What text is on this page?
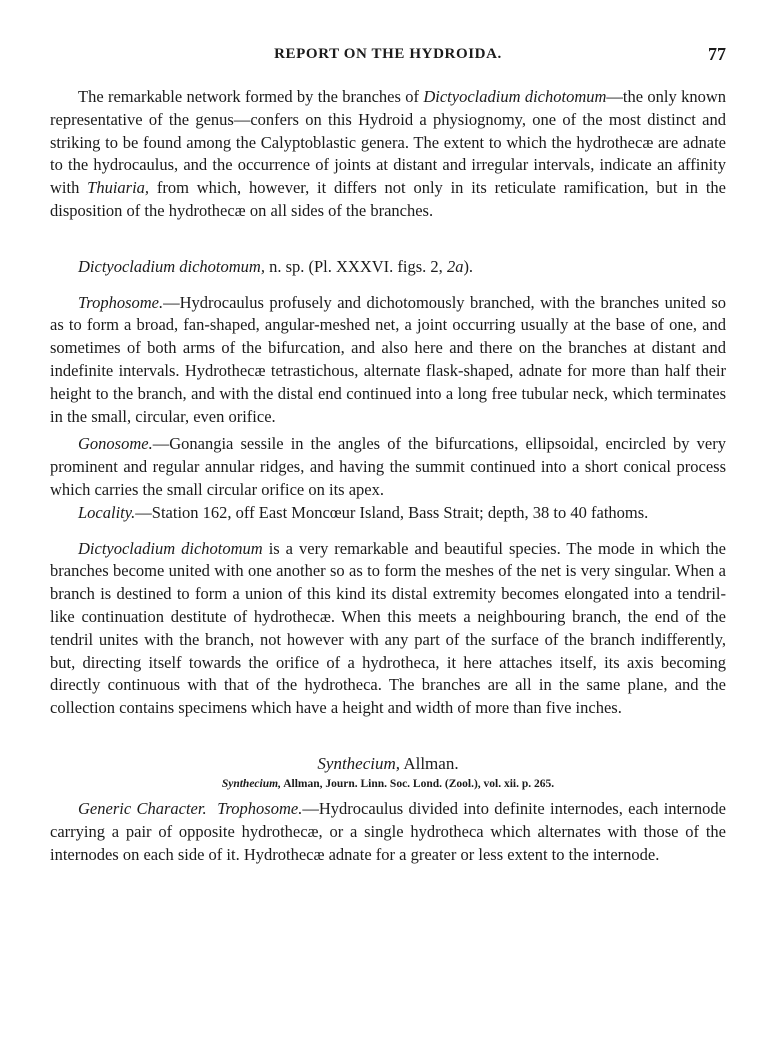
REPORT ON THE HYDROIDA.	77

The remarkable network formed by the branches of Dictyocladium dichotomum—the only known representative of the genus—confers on this Hydroid a physiognomy, one of the most distinct and striking to be found among the Calyptoblastic genera. The extent to which the hydrothecæ are adnate to the hydrocaulus, and the occurrence of joints at distant and irregular intervals, indicate an affinity with Thuiaria, from which, however, it differs not only in its reticulate ramification, but in the disposition of the hydrothecæ on all sides of the branches.

Dictyocladium dichotomum, n. sp. (Pl. XXXVI. figs. 2, 2a).

Trophosome.—Hydrocaulus profusely and dichotomously branched, with the branches united so as to form a broad, fan-shaped, angular-meshed net, a joint occurring usually at the base of one, and sometimes of both arms of the bifurcation, and also here and there on the branches at distant and indefinite intervals. Hydrothecæ tetrastichous, alternate flask-shaped, adnate for more than half their height to the branch, and with the distal end continued into a long free tubular neck, which terminates in the small, circular, even orifice.

Gonosome.—Gonangia sessile in the angles of the bifurcations, ellipsoidal, encircled by very prominent and regular annular ridges, and having the summit continued into a short conical process which carries the small circular orifice on its apex.

Locality.—Station 162, off East Moncœur Island, Bass Strait; depth, 38 to 40 fathoms.

Dictyocladium dichotomum is a very remarkable and beautiful species. The mode in which the branches become united with one another so as to form the meshes of the net is very singular. When a branch is destined to form a union of this kind its distal extremity becomes elongated into a tendril-like continuation destitute of hydrothecæ. When this meets a neighbouring branch, the end of the tendril unites with the branch, not however with any part of the surface of the branch indifferently, but, directing itself towards the orifice of a hydrotheca, it here attaches itself, its axis becoming directly continuous with that of the hydrotheca. The branches are all in the same plane, and the collection contains specimens which have a height and width of more than five inches.

Synthecium, Allman.

Synthecium, Allman, Journ. Linn. Soc. Lond. (Zool.), vol. xii. p. 265.

Generic Character. Trophosome.—Hydrocaulus divided into definite internodes, each internode carrying a pair of opposite hydrothecæ, or a single hydrotheca which alternates with those of the internodes on each side of it. Hydrothecæ adnate for a greater or less extent to the internode.
